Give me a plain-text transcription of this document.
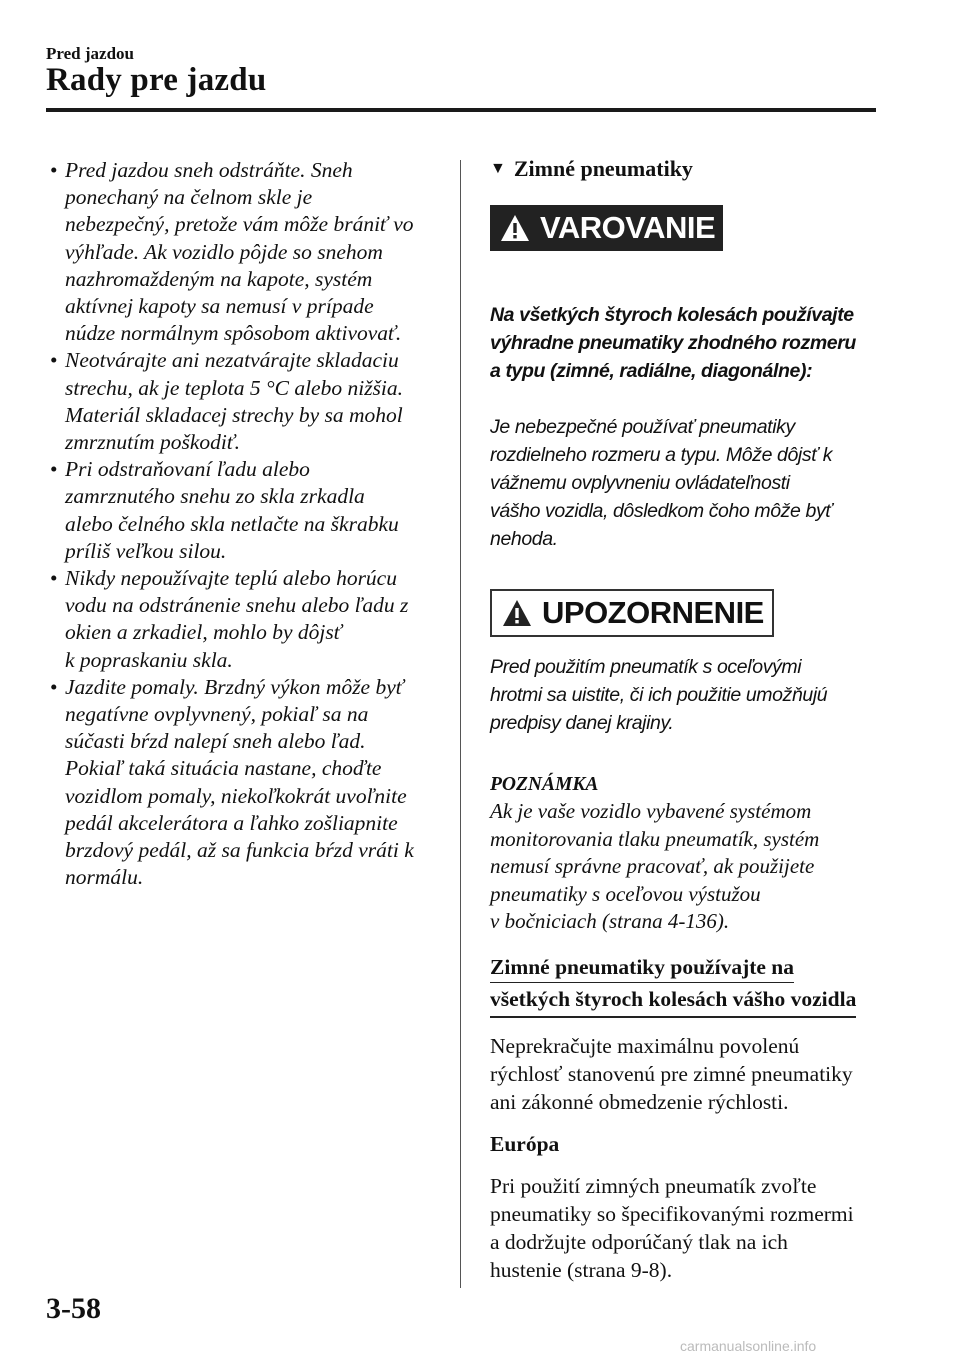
Pred jazdou
Rady pre jazdu
• Pred jazdou sneh odstráňte. Sneh
ponechaný na čelnom skle je
nebezpečný, pretože vám môže brániť vo
výhľade. Ak vozidlo pôjde so snehom
nazhromaždeným na kapote, systém
aktívnej kapoty sa nemusí v prípade
núdze normálnym spôsobom aktivovať.
• Neotvárajte ani nezatvárajte skladaciu
strechu, ak je teplota 5 °C alebo nižšia.
Materiál skladacej strechy by sa mohol
zmrznutím poškodiť.
• Pri odstraňovaní ľadu alebo
zamrznutého snehu zo skla zrkadla
alebo čelného skla netlačte na škrabku
príliš veľkou silou.
• Nikdy nepoužívajte teplú alebo horúcu
vodu na odstránenie snehu alebo ľadu z
okien a zrkadiel, mohlo by dôjsť
k popraskaniu skla.
• Jazdite pomaly. Brzdný výkon môže byť
negatívne ovplyvnený, pokiaľ sa na
súčasti bŕzd nalepí sneh alebo ľad.
Pokiaľ taká situácia nastane, choďte
vozidlom pomaly, niekoľkokrát uvoľnite
pedál akcelerátora a ľahko zošliapnite
brzdový pedál, až sa funkcia bŕzd vráti k
normálu.
▼ Zimné pneumatiky
VAROVANIE

Na všetkých štyroch kolesách používajte
výhradne pneumatiky zhodného rozmeru
a typu (zimné, radiálne, diagonálne):

Je nebezpečné používať pneumatiky
rozdielneho rozmeru a typu. Môže dôjsť k
vážnemu ovplyvneniu ovládateľnosti
vášho vozidla, dôsledkom čoho môže byť
nehoda.

UPOZORNENIE

Pred použitím pneumatík s oceľovými
hrotmi sa uistite, či ich použitie umožňujú
predpisy danej krajiny.

POZNÁMKA

Ak je vaše vozidlo vybavené systémom
monitorovania tlaku pneumatík, systém
nemusí správne pracovať, ak použijete
pneumatiky s oceľovou výstužou
v bočniciach (strana 4-136).

Zimné pneumatiky používajte na
všetkých štyroch kolesách vášho vozidla

Neprekračujte maximálnu povolenú
rýchlosť stanovenú pre zimné pneumatiky
ani zákonné obmedzenie rýchlosti.

Európa

Pri použití zimných pneumatík zvoľte
pneumatiky so špecifikovanými rozmermi
a dodržujte odporúčaný tlak na ich
hustenie (strana 9-8).

3-58
carmanualsonline.info
